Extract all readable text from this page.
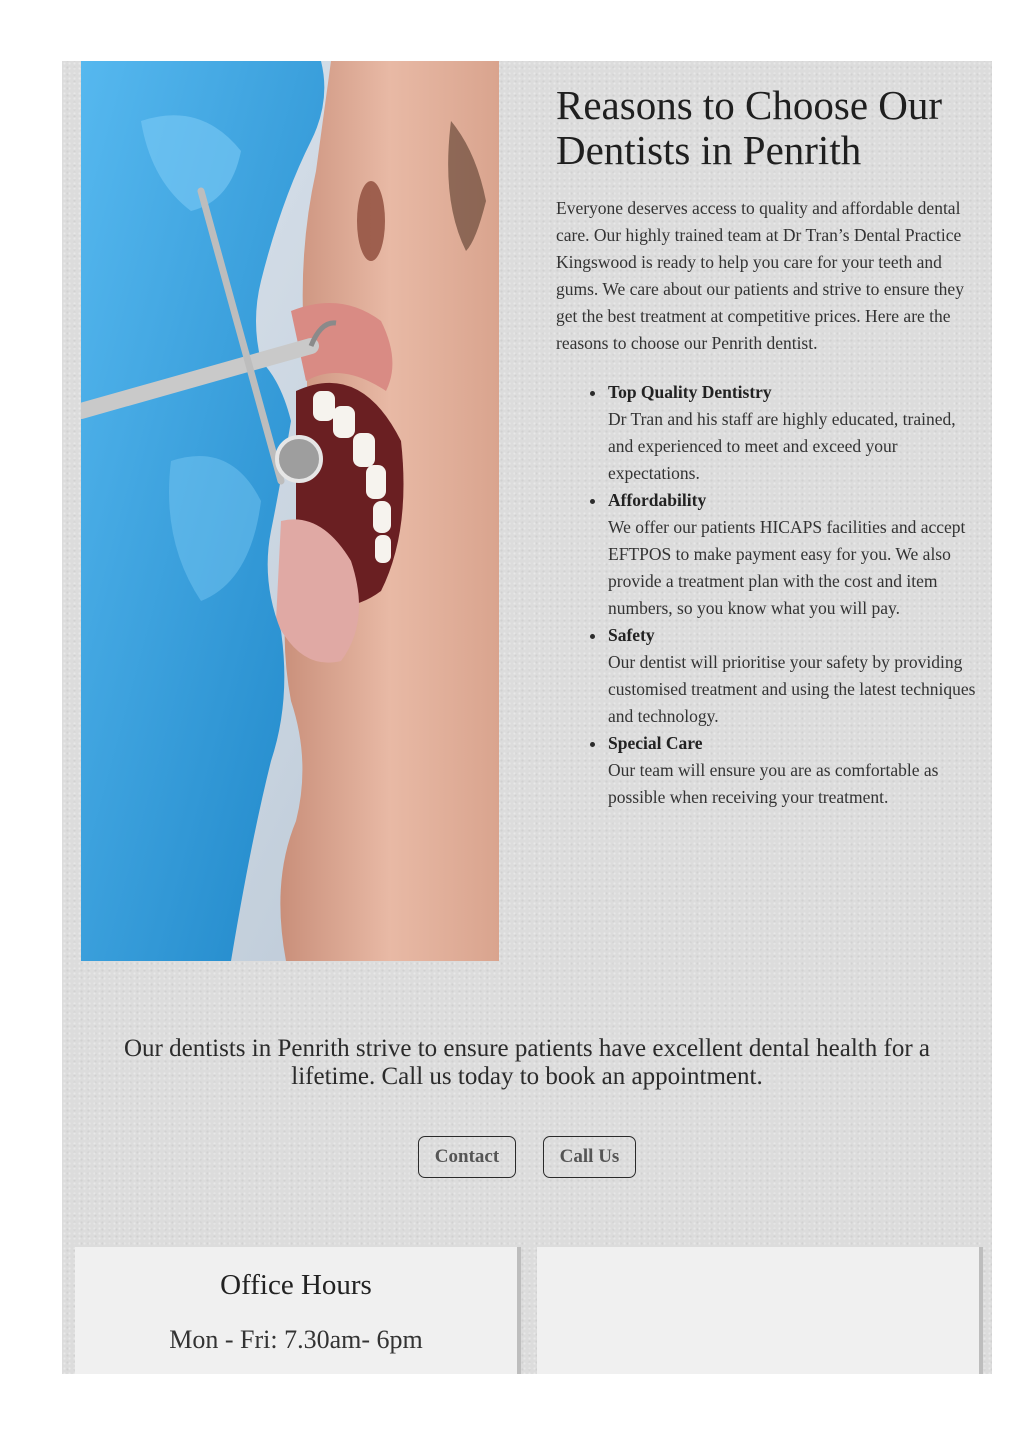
Reasons to Choose Our
Dentists in Penrith

Everyone deserves access to quality and affordable dental care. Our highly trained team at Dr Tran’s Dental Practice Kingswood is ready to help you care for your teeth and gums. We care about our patients and strive to ensure they get the best treatment at competitive prices. Here are the reasons to choose our Penrith dentist.

Top Quality Dentistry
Dr Tran and his staff are highly educated, trained, and experienced to meet and exceed your expectations.
Affordability
We offer our patients HICAPS facilities and accept EFTPOS to make payment easy for you. We also provide a treatment plan with the cost and item numbers, so you know what you will pay.
Safety
Our dentist will prioritise your safety by providing customised treatment and using the latest techniques and technology.
Special Care
Our team will ensure you are as comfortable as possible when receiving your treatment.
Our dentists in Penrith strive to ensure patients have excellent dental health for a lifetime. Call us today to book an appointment.
Contact	Call Us
Office Hours
Mon - Fri: 7.30am- 6pm
